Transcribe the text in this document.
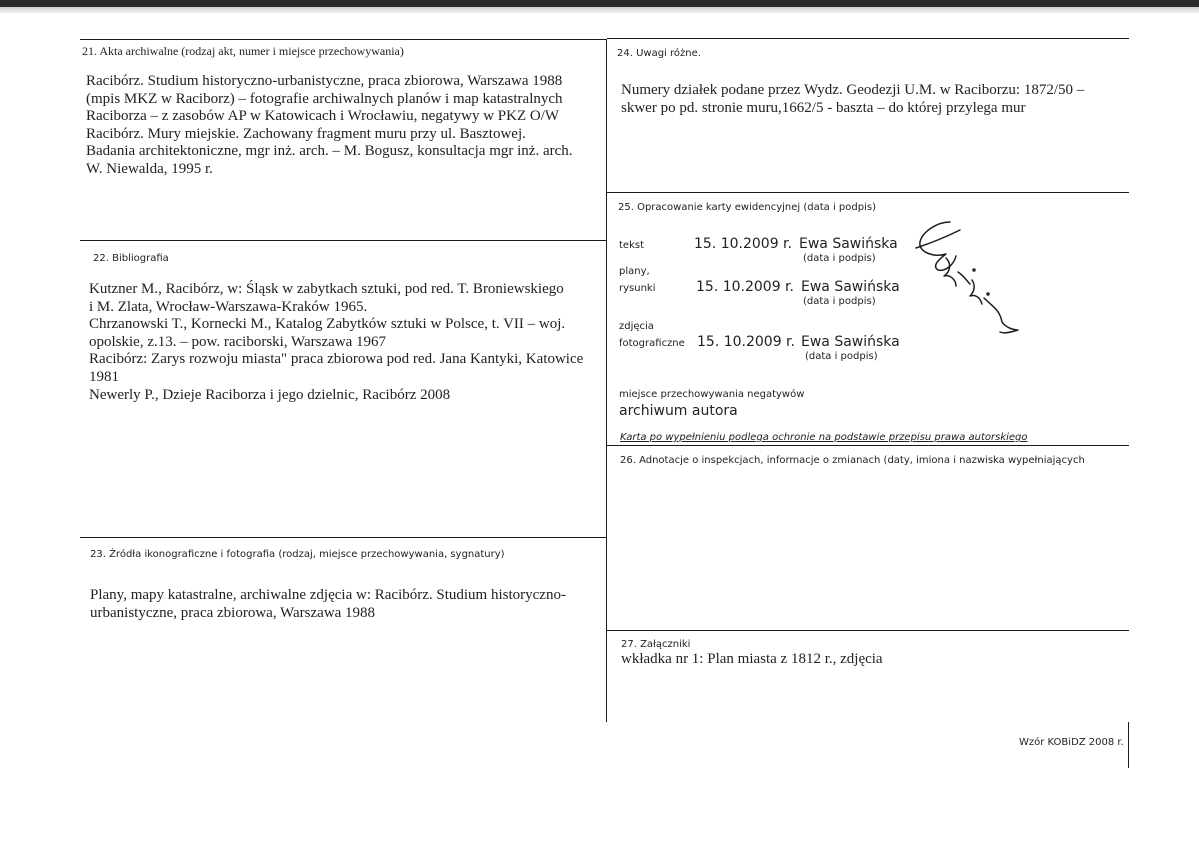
21. Akta archiwalne (rodzaj akt, numer i miejsce przechowywania)
Racibórz. Studium historyczno-urbanistyczne, praca zbiorowa, Warszawa 1988
(mpis MKZ w Raciborz) – fotografie archiwalnych planów i map katastralnych
Raciborza – z zasobów AP w Katowicach i Wrocławiu, negatywy w PKZ O/W
Racibórz. Mury miejskie. Zachowany fragment muru przy ul. Basztowej.
Badania architektoniczne, mgr inż. arch. – M. Bogusz, konsultacja mgr inż. arch.
W. Niewalda, 1995 r.
22. Bibliografia
Kutzner M., Racibórz, w: Śląsk w zabytkach sztuki, pod red. T. Broniewskiego
i M. Zlata, Wrocław-Warszawa-Kraków 1965.
Chrzanowski T., Kornecki M., Katalog Zabytków sztuki w Polsce, t. VII – woj.
opolskie, z.13. – pow. raciborski, Warszawa 1967
Racibórz: Zarys rozwoju miasta" praca zbiorowa pod red. Jana Kantyki, Katowice
1981
Newerly P., Dzieje Raciborza i jego dzielnic, Racibórz 2008
23. Źródła ikonograficzne i fotografia (rodzaj, miejsce przechowywania, sygnatury)
Plany, mapy katastralne, archiwalne zdjęcia w: Racibórz. Studium historyczno-
urbanistyczne, praca zbiorowa, Warszawa 1988
24. Uwagi różne.
Numery działek podane przez Wydz. Geodezji U.M. w Raciborzu: 1872/50 –
skwer po pd. stronie muru,1662/5 - baszta – do której przylega mur
25. Opracowanie karty ewidencyjnej (data i podpis)
tekst	15. 10.2009 r. Ewa Sawińska
(data i podpis)
plany,
rysunki	15. 10.2009 r. Ewa Sawińska
(data i podpis)
zdjęcia
fotograficzne 15. 10.2009 r. Ewa Sawińska
(data i podpis)
miejsce przechowywania negatywów
archiwum autora
Karta po wypełnieniu podlega ochronie na podstawie przepisu prawa autorskiego
26. Adnotacje o inspekcjach, informacje o zmianach (daty, imiona i nazwiska wypełniających
27. Załączniki
wkładka nr 1: Plan miasta z 1812 r., zdjęcia
Wzór KOBiDZ 2008 r.
